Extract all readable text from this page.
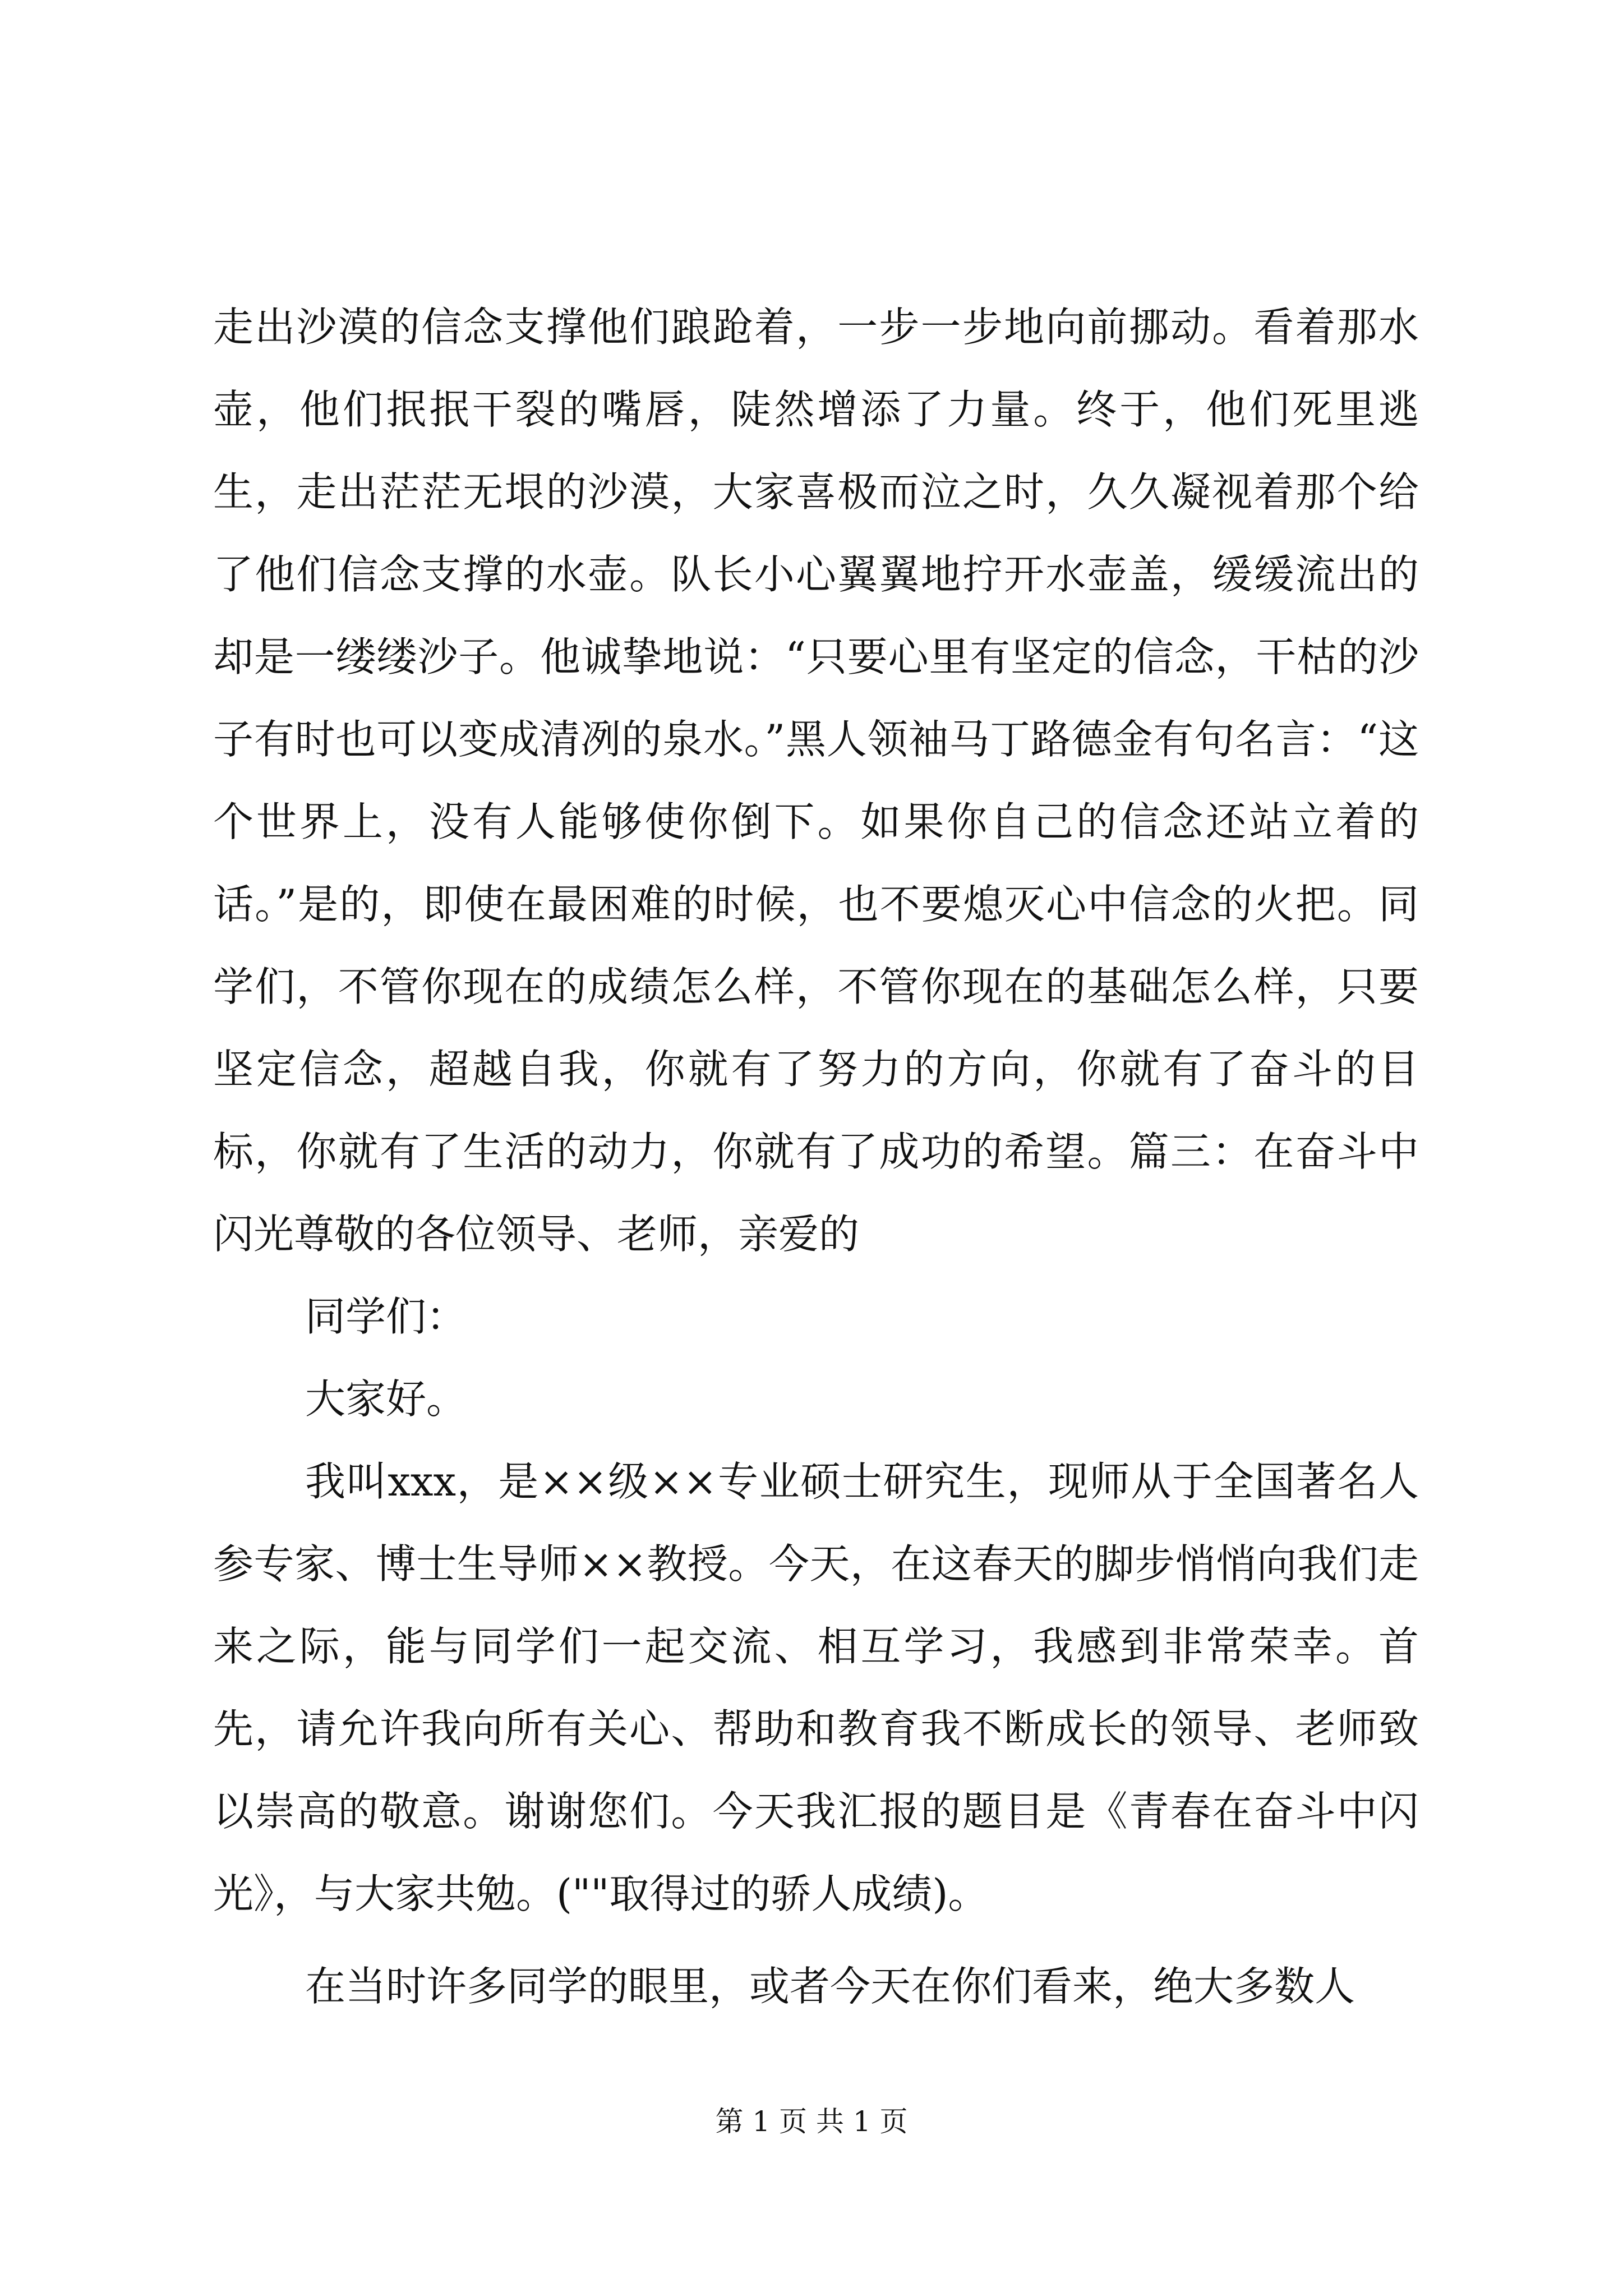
走出沙漠的信念支撑他们踉跄着，一步一步地向前挪动。看着那水壶，他们抿抿干裂的嘴唇，陡然增添了力量。终于，他们死里逃生，走出茫茫无垠的沙漠，大家喜极而泣之时，久久凝视着那个给了他们信念支撑的水壶。队长小心翼翼地拧开水壶盖，缓缓流出的却是一缕缕沙子。他诚挚地说：“只要心里有坚定的信念，干枯的沙子有时也可以变成清冽的泉水。”黑人领袖马丁路德金有句名言：“这个世界上，没有人能够使你倒下。如果你自己的信念还站立着的话。”是的，即使在最困难的时候，也不要熄灭心中信念的火把。同学们，不管你现在的成绩怎么样，不管你现在的基础怎么样，只要坚定信念，超越自我，你就有了努力的方向，你就有了奋斗的目标，你就有了生活的动力，你就有了成功的希望。篇三：在奋斗中闪光尊敬的各位领导、老师，亲爱的

同学们：

大家好。

我叫xxx，是××级××专业硕士研究生，现师从于全国著名人参专家、博士生导师××教授。今天，在这春天的脚步悄悄向我们走来之际，能与同学们一起交流、相互学习，我感到非常荣幸。首先，请允许我向所有关心、帮助和教育我不断成长的领导、老师致以崇高的敬意。谢谢您们。今天我汇报的题目是《青春在奋斗中闪光》，与大家共勉。(""取得过的骄人成绩)。

在当时许多同学的眼里，或者今天在你们看来，绝大多数人

第 1 页 共 1 页
